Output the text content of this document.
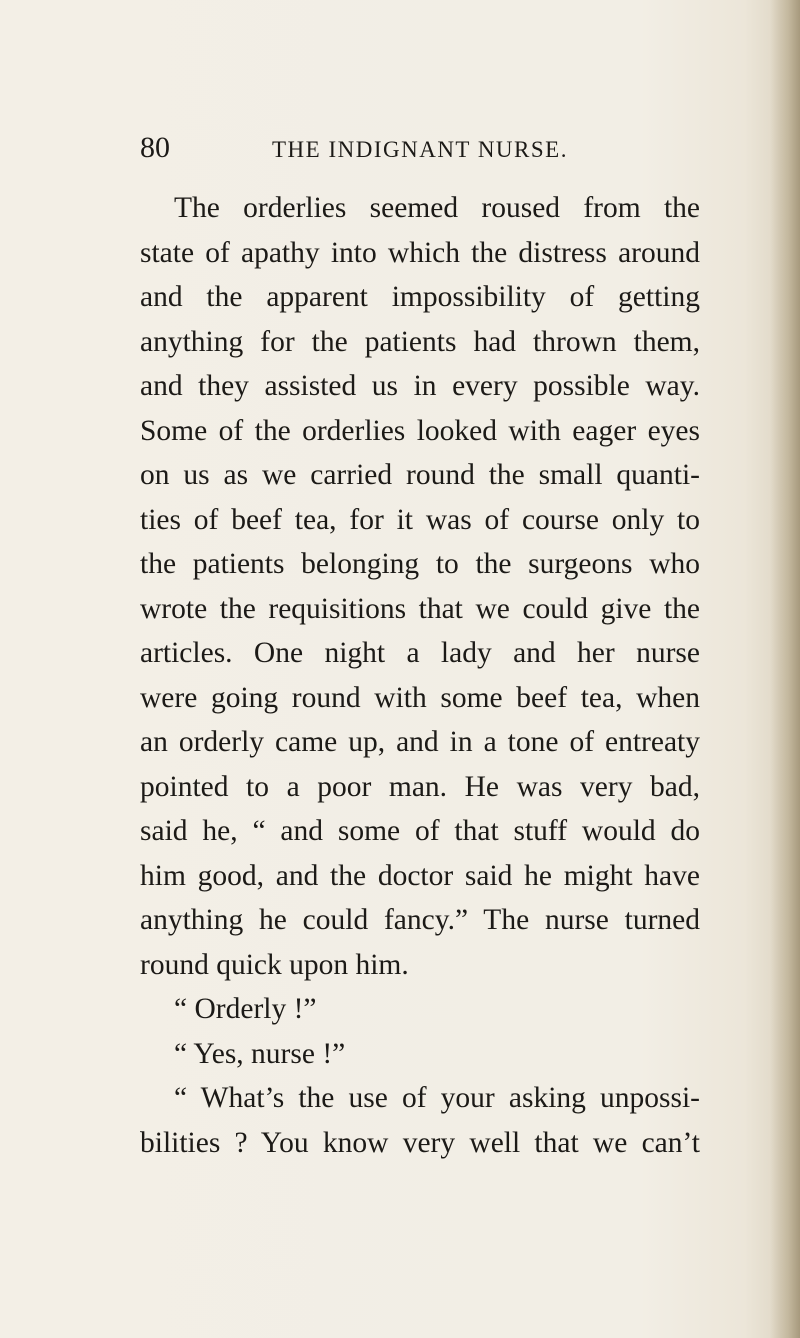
80	THE INDIGNANT NURSE.
The orderlies seemed roused from the
state of apathy into which the distress around
and the apparent impossibility of getting
anything for the patients had thrown them,
and they assisted us in every possible way.
Some of the orderlies looked with eager eyes
on us as we carried round the small quanti-
ties of beef tea, for it was of course only to
the patients belonging to the surgeons who
wrote the requisitions that we could give the
articles. One night a lady and her nurse
were going round with some beef tea, when
an orderly came up, and in a tone of entreaty
pointed to a poor man. He was very bad,
said he, “ and some of that stuff would do
him good, and the doctor said he might have
anything he could fancy.” The nurse turned
round quick upon him.
“ Orderly !”
“ Yes, nurse !”
“ What’s the use of your asking unpossi-
bilities ? You know very well that we can’t
